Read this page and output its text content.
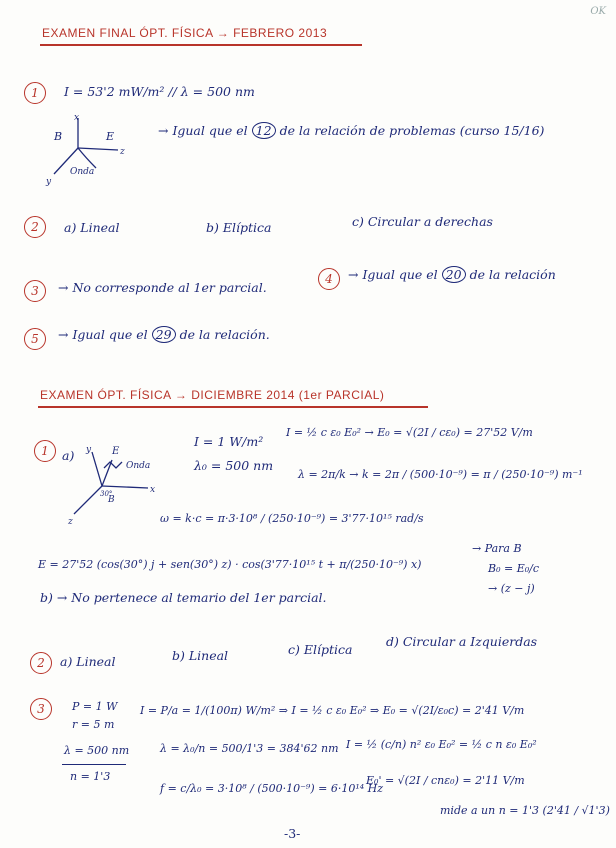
OK
EXAMEN FINAL ÓPT. FÍSICA → FEBRERO 2013
1	I = 53'2 mW/m² // λ = 500 nm
x
z
y
B	E
Onda
→ Igual que el 12 de la relación de problemas (curso 15/16)
2	a) Lineal	b) Elíptica	c) Circular a derechas
3	→ No corresponde al 1er parcial.
4	→ Igual que el 20 de la relación
5	→ Igual que el 29 de la relación.
EXAMEN ÓPT. FÍSICA → DICIEMBRE 2014 (1er PARCIAL)
1	a) y
x
z
E
Onda
B
30°
I = 1 W/m²
λ₀ = 500 nm
I = ½ c ε₀ E₀² → E₀ = √(2I / cε₀) = 27'52 V/m
λ = 2π/k → k = 2π / (500·10⁻⁹) = π / (250·10⁻⁹) m⁻¹
ω = k·c = π·3·10⁸ / (250·10⁻⁹) = 3'77·10¹⁵ rad/s
E = 27'52 (cos(30°) j + sen(30°) z) · cos(3'77·10¹⁵ t + π/(250·10⁻⁹) x)
→ Para B
B₀ = E₀/c
→ (z − j)
b) → No pertenece al temario del 1er parcial.
2	a) Lineal	b) Lineal	c) Elíptica
d) Circular a Izquierdas
3	P = 1 W
r = 5 m
λ = 500 nm
n = 1'3
I = P/a = 1/(100π) W/m² ⇒ I = ½ c ε₀ E₀² ⇒ E₀ = √(2I/ε₀c) = 2'41 V/m
λ = λ₀/n = 500/1'3 = 384'62 nm
f = c/λ₀ = 3·10⁸ / (500·10⁻⁹) = 6·10¹⁴ Hz
I = ½ (c/n) n² ε₀ E₀² = ½ c n ε₀ E₀²
E₀' = √(2I / cnε₀) = 2'11 V/m
mide a un n = 1'3 (2'41 / √1'3)
-3-
